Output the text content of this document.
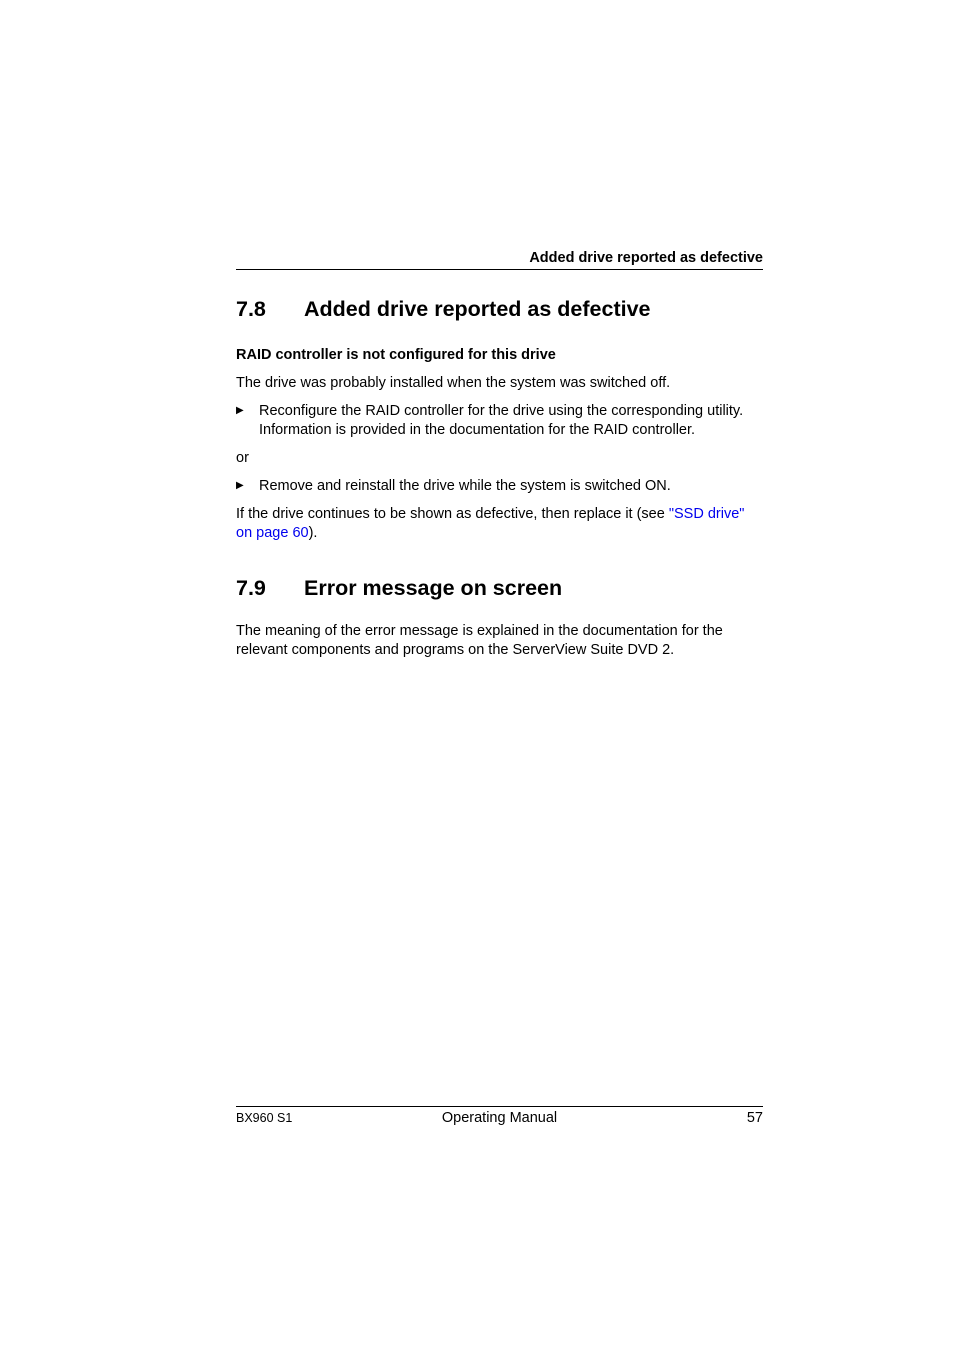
Added drive reported as defective
7.8 Added drive reported as defective
RAID controller is not configured for this drive

The drive was probably installed when the system was switched off.

▶ Reconfigure the RAID controller for the drive using the corresponding utility.
Information is provided in the documentation for the RAID controller.

or

▶ Remove and reinstall the drive while the system is switched ON.

If the drive continues to be shown as defective, then replace it (see "SSD drive"
on page 60).

7.9 Error message on screen

The meaning of the error message is explained in the documentation for the
relevant components and programs on the ServerView Suite DVD 2.

BX960 S1	Operating Manual	57
